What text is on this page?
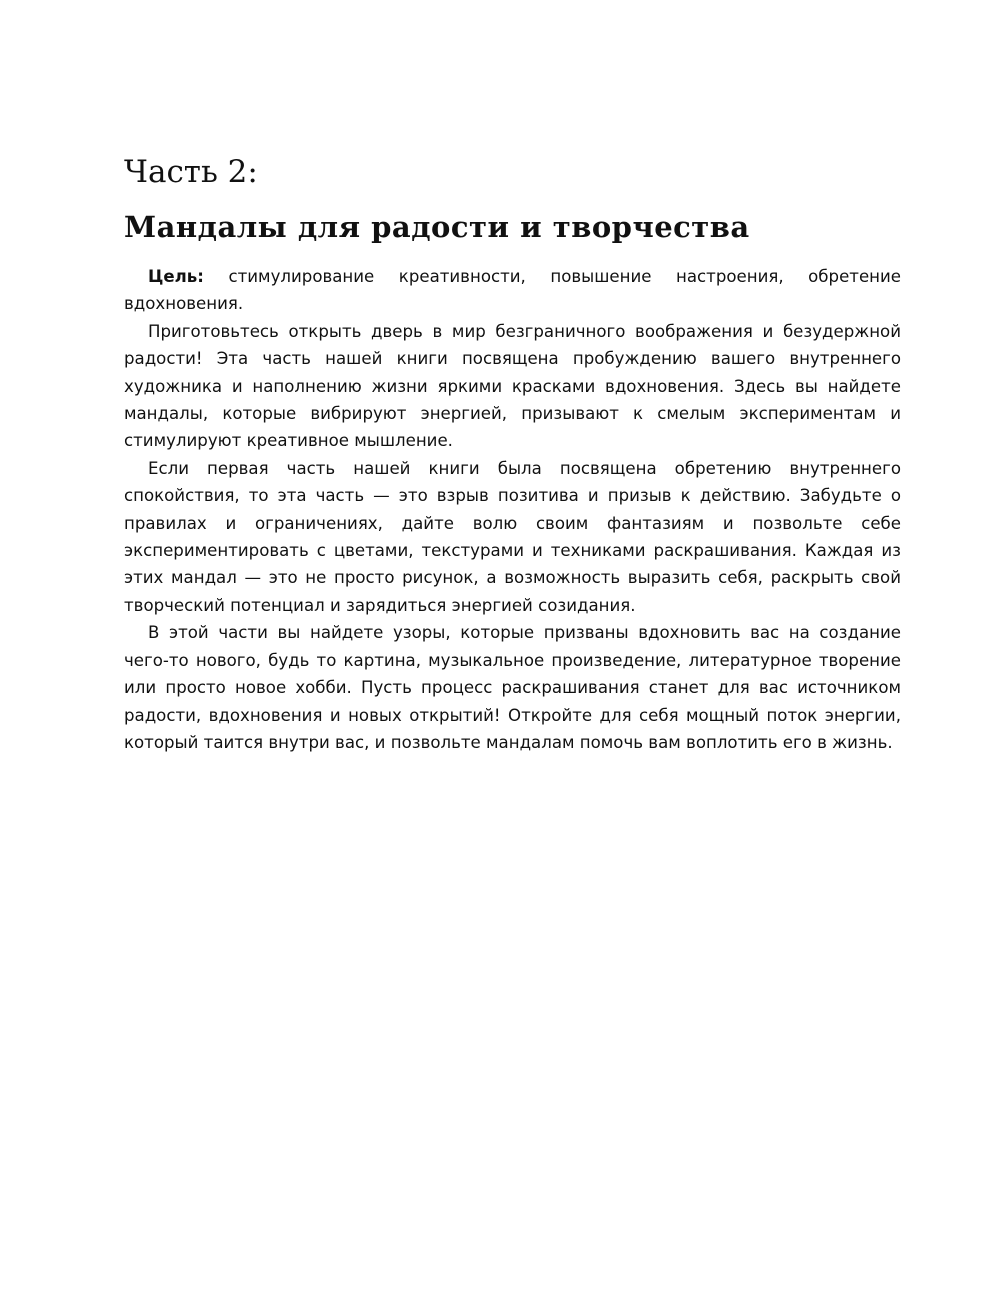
Часть 2:
Мандалы для радости и творчества

Цель: стимулирование креативности, повышение настроения, обретение вдохновения.

Приготовьтесь открыть дверь в мир безграничного воображения и безудержной радости! Эта часть нашей книги посвящена пробуждению вашего внутреннего художника и наполнению жизни яркими красками вдохновения. Здесь вы найдете мандалы, которые вибрируют энергией, призывают к смелым экспериментам и стимулируют креативное мышление.

Если первая часть нашей книги была посвящена обретению внутреннего спокойствия, то эта часть — это взрыв позитива и призыв к действию. Забудьте о правилах и ограничениях, дайте волю своим фантазиям и позвольте себе экспериментировать с цветами, текстурами и техниками раскрашивания. Каждая из этих мандал — это не просто рисунок, а возможность выразить себя, раскрыть свой творческий потенциал и зарядиться энергией созидания.

В этой части вы найдете узоры, которые призваны вдохновить вас на создание чего-то нового, будь то картина, музыкальное произведение, литературное творение или просто новое хобби. Пусть процесс раскрашивания станет для вас источником радости, вдохновения и новых открытий! Откройте для себя мощный поток энергии, который таится внутри вас, и позвольте мандалам помочь вам воплотить его в жизнь.
